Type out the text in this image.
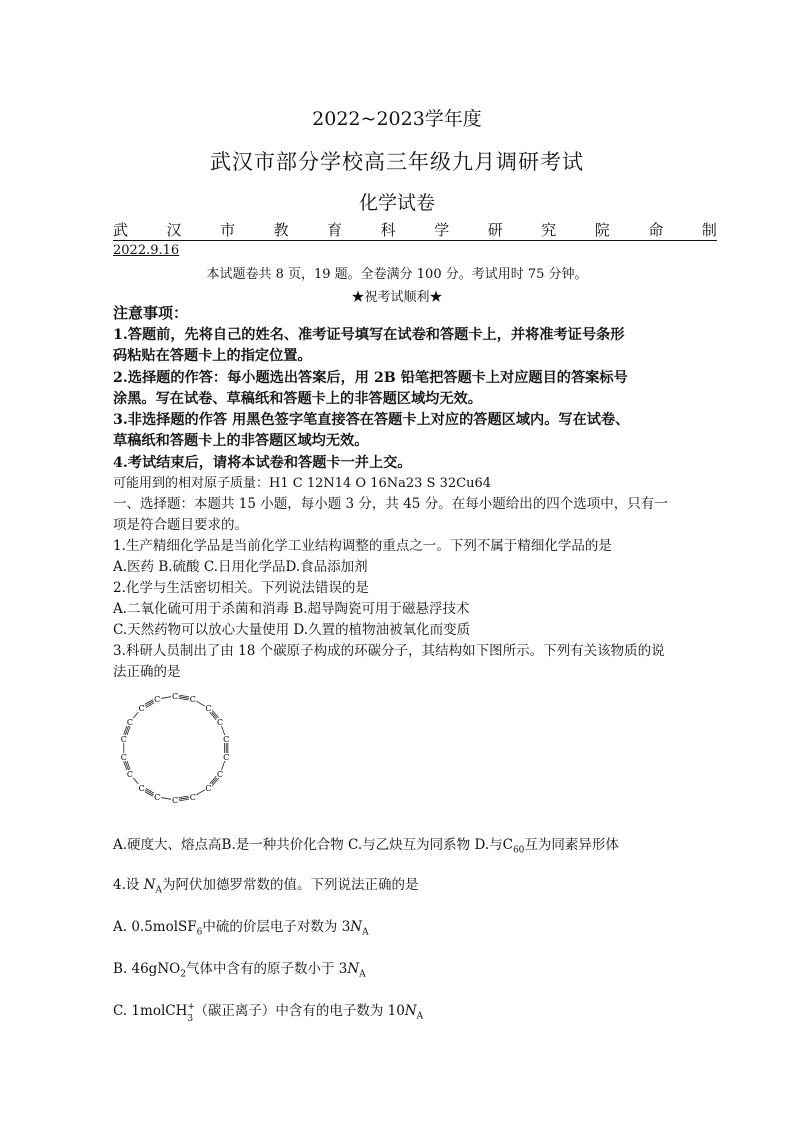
2022~2023学年度
武汉市部分学校高三年级九月调研考试
化学试卷
武	汉	市	教	育	科	学	研	究	院	命	制
2022.9.16
本试题卷共 8 页，19 题。全卷满分 100 分。考试用时 75 分钟。
★祝考试顺利★
注意事项：
1.答题前，先将自己的姓名、准考证号填写在试卷和答题卡上，并将准考证号条形
码粘贴在答题卡上的指定位置。
2.选择题的作答：每小题选出答案后，用 2B 铅笔把答题卡上对应题目的答案标号
涂黑。写在试卷、草稿纸和答题卡上的非答题区域均无效。
3.非选择题的作答 用黑色签字笔直接答在答题卡上对应的答题区域内。写在试卷、
草稿纸和答题卡上的非答题区域均无效。
4.考试结束后，请将本试卷和答题卡一并上交。
可能用到的相对原子质量：H1 C 12N14 O 16Na23 S 32Cu64
一、选择题：本题共 15 小题，每小题 3 分，共 45 分。在每小题给出的四个选项中，只有一
项是符合题目要求的。
1.生产精细化学品是当前化学工业结构调整的重点之一。下列不属于精细化学品的是
A.医药 B.硫酸 C.日用化学品D.食品添加剂
2.化学与生活密切相关。下列说法错误的是
A.二氧化硫可用于杀菌和消毒 B.超导陶瓷可用于磁悬浮技术
C.天然药物可以放心大量使用 D.久置的植物油被氧化而变质
3.科研人员制出了由 18 个碳原子构成的环碳分子，其结构如下图所示。下列有关该物质的说
法正确的是
C C
C
C
C
C
C
C
C
C
C
C
C
C
C
C
C
C
A.硬度大、熔点高B.是一种共价化合物 C.与乙炔互为同系物 D.与$C_{60}$互为同素异形体
4.设 $N_A$为阿伏加德罗常数的值。下列说法正确的是
A. 0.5molSF$_6$中硫的价层电子对数为 $3N_A$
B. 46gNO$_2$气体中含有的原子数小于 $3N_A$
C. 1molCH +
3 （碳正离子）中含有的电子数为 $10N_A$
